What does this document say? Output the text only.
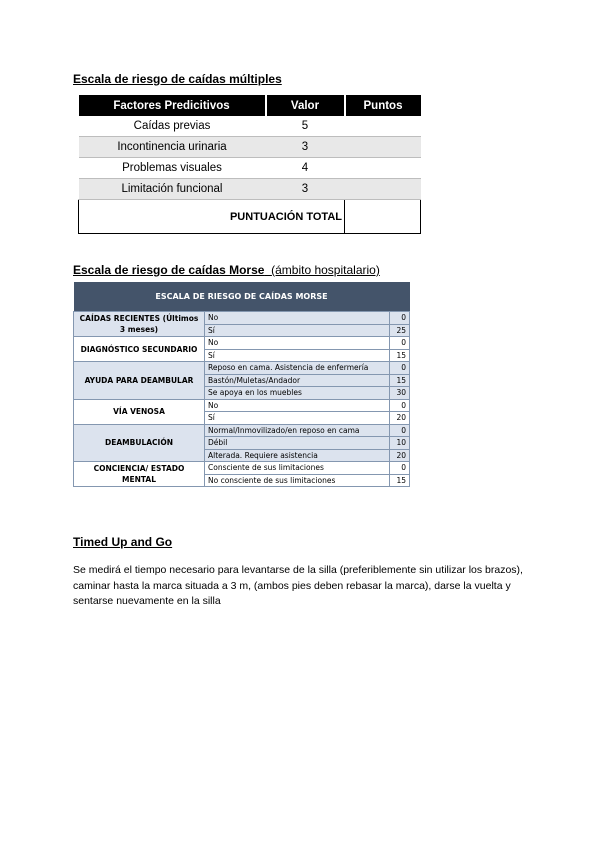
Escala de riesgo de caídas múltiples
Factores Predicitivos	Valor	Puntos
Caídas previas	5	
Incontinencia urinaria	3	
Problemas visuales	4	
Limitación funcional	3	
PUNTUACIÓN TOTAL		
Escala de riesgo de caídas Morse (ámbito hospitalario)
ESCALA DE RIESGO DE CAÍDAS MORSE		
CAÍDAS RECIENTES (Últimos 3 meses)	No	0
	Sí	25
DIAGNÓSTICO SECUNDARIO	No	0
	Sí	15
AYUDA PARA DEAMBULAR	Reposo en cama. Asistencia de enfermería	0
	Bastón/Muletas/Andador	15
	Se apoya en los muebles	30
VÍA VENOSA	No	0
	Sí	20
DEAMBULACIÓN	Normal/Inmovilizado/en reposo en cama	0
	Débil	10
	Alterada. Requiere asistencia	20
CONCIENCIA/ ESTADO MENTAL	Consciente de sus limitaciones	0
	No consciente de sus limitaciones	15
Timed Up and Go
Se medirá el tiempo necesario para levantarse de la silla (preferiblemente sin utilizar los brazos), caminar hasta la marca situada a 3 m, (ambos pies deben rebasar la marca), darse la vuelta y sentarse nuevamente en la silla
